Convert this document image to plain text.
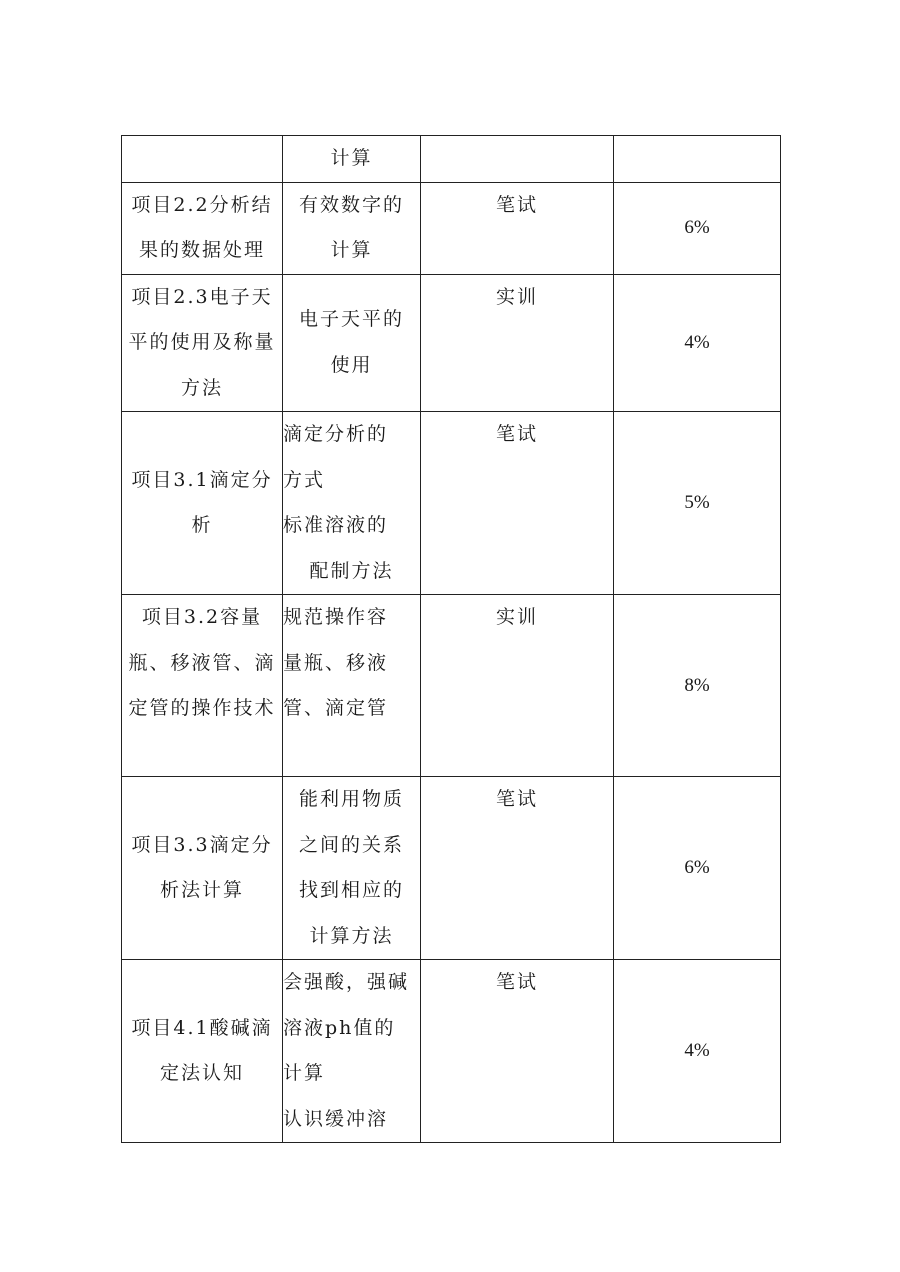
	计算		

项目2.2分析结果的数据处理	有效数字的
计算	笔试	6%
项目2.3电子天平的使用及称量方法	电子天平的
使用	实训	4%
项目3.1滴定分析	滴定分析的
方式
标准溶液的
配制方法	笔试	5%
项目3.2容量瓶、移液管、滴定管的操作技术	规范操作容
量瓶、移液
管、滴定管	实训	8%
项目3.3滴定分析法计算	能利用物质
之间的关系
找到相应的
计算方法	笔试	6%
项目4.1酸碱滴定法认知	会强酸，强碱
溶液ph值的
计算
认识缓冲溶	笔试	4%
